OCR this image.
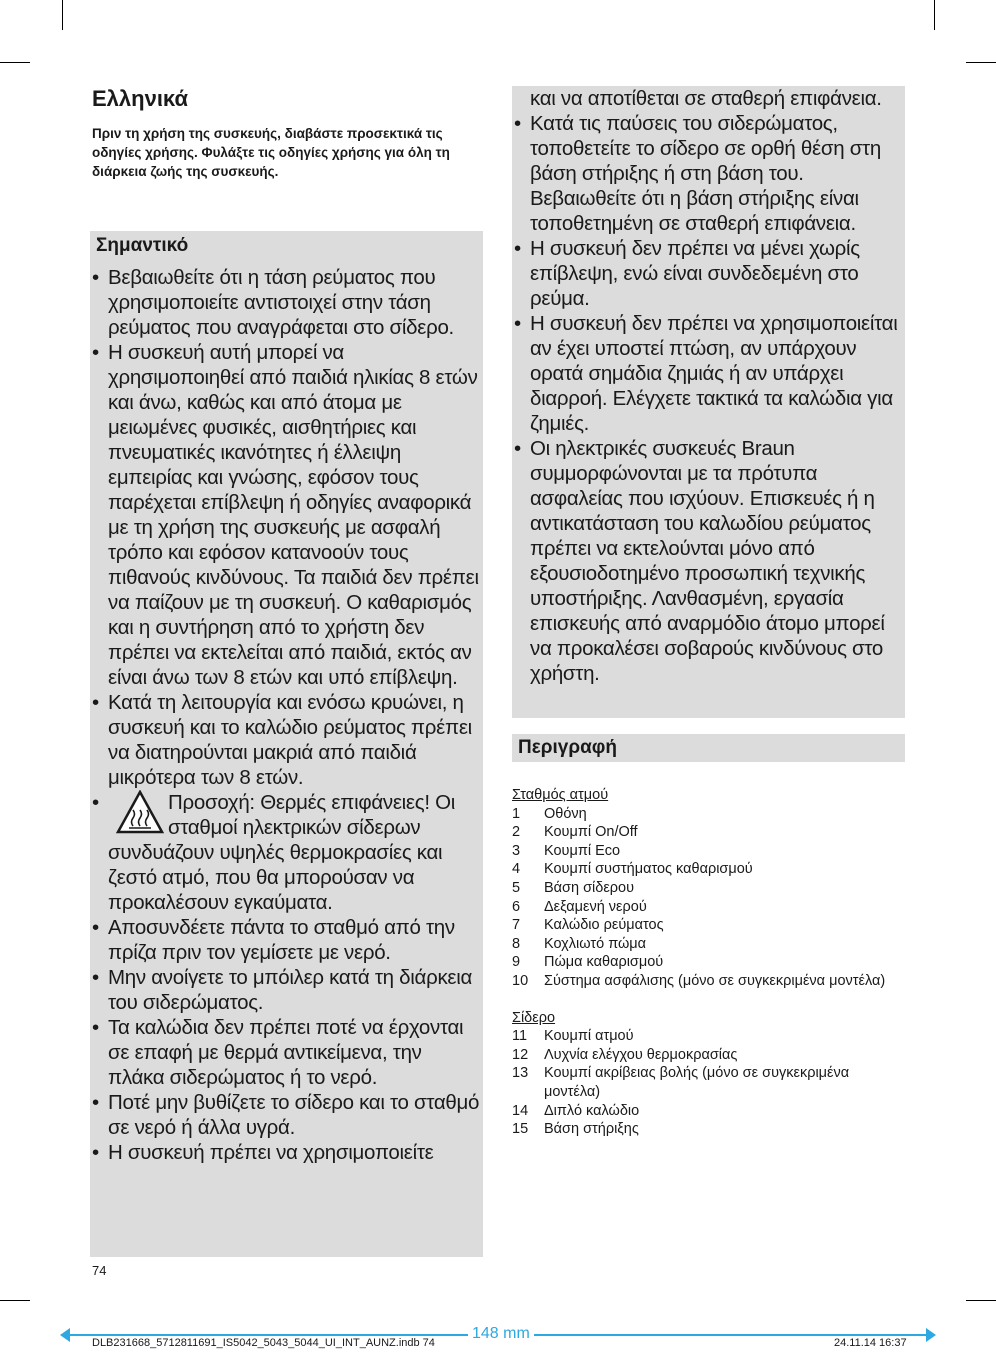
Ελληνικά

Πριν τη χρήση της συσκευής, διαβάστε προσεκτικά τις οδηγίες χρήσης. Φυλάξτε τις οδηγίες χρήσης για όλη τη διάρκεια ζωής της συσκευής.

Σημαντικό
• Βεβαιωθείτε ότι η τάση ρεύματος που χρησιμοποιείτε αντιστοιχεί στην τάση ρεύματος που αναγράφεται στο σίδερο.
• Η συσκευή αυτή μπορεί να χρησιμοποιηθεί από παιδιά ηλικίας 8 ετών και άνω, καθώς και από άτομα με μειωμένες φυσικές, αισθητήριες και πνευματικές ικανότητες ή έλλειψη εμπειρίας και γνώσης, εφόσον τους παρέχεται επίβλεψη ή οδηγίες αναφορικά με τη χρήση της συσκευής με ασφαλή τρόπο και εφόσον κατανοούν τους πιθανούς κινδύνους. Τα παιδιά δεν πρέπει να παίζουν με τη συσκευή. Ο καθαρισμός και η συντήρηση από το χρήστη δεν πρέπει να εκτελείται από παιδιά, εκτός αν είναι άνω των 8 ετών και υπό επίβλεψη.
• Κατά τη λειτουργία και ενόσω κρυώνει, η συσκευή και το καλώδιο ρεύματος πρέπει να διατηρούνται μακριά από παιδιά μικρότερα των 8 ετών.
• Προσοχή: Θερμές επιφάνειες! Οι σταθμοί ηλεκτρικών σίδερων συνδυάζουν υψηλές θερμοκρασίες και ζεστό ατμό, που θα μπορούσαν να προκαλέσουν εγκαύματα.
• Αποσυνδέετε πάντα το σταθμό από την πρίζα πριν τον γεμίσετε με νερό.
• Μην ανοίγετε το μπόιλερ κατά τη διάρκεια του σιδερώματος.
• Τα καλώδια δεν πρέπει ποτέ να έρχονται σε επαφή με θερμά αντικείμενα, την πλάκα σιδερώματος ή το νερό.
• Ποτέ μην βυθίζετε το σίδερο και το σταθμό σε νερό ή άλλα υγρά.
• Η συσκευή πρέπει να χρησιμοποιείτε
και να αποτίθεται σε σταθερή επιφάνεια.
• Κατά τις παύσεις του σιδερώματος, τοποθετείτε το σίδερο σε ορθή θέση στη βάση στήριξης ή στη βάση του. Βεβαιωθείτε ότι η βάση στήριξης είναι τοποθετημένη σε σταθερή επιφάνεια.
• Η συσκευή δεν πρέπει να μένει χωρίς επίβλεψη, ενώ είναι συνδεδεμένη στο ρεύμα.
• Η συσκευή δεν πρέπει να χρησιμοποιείται αν έχει υποστεί πτώση, αν υπάρχουν ορατά σημάδια ζημιάς ή αν υπάρχει διαρροή. Ελέγχετε τακτικά τα καλώδια για ζημιές.
• Οι ηλεκτρικές συσκευές Braun συμμορφώνονται με τα πρότυπα ασφαλείας που ισχύουν. Επισκευές ή η αντικατάσταση του καλωδίου ρεύματος πρέπει να εκτελούνται μόνο από εξουσιοδοτημένο προσωπική τεχνικής υποστήριξης. Λανθασμένη, εργασία επισκευής από αναρμόδιο άτομο μπορεί να προκαλέσει σοβαρούς κινδύνους στο χρήστη.
Περιγραφή
Σταθμός ατμού
1	Οθόνη
2	Κουμπί On/Off
3	Κουμπί Eco
4	Κουμπί συστήματος καθαρισμού
5	Βάση σίδερου
6	Δεξαμενή νερού
7	Καλώδιο ρεύματος
8	Κοχλιωτό πώμα
9	Πώμα καθαρισμού
10	Σύστημα ασφάλισης (μόνο σε συγκεκριμένα μοντέλα)
Σίδερο
11	Κουμπί ατμού
12	Λυχνία ελέγχου θερμοκρασίας
13	Κουμπί ακρίβειας βολής (μόνο σε συγκεκριμένα μοντέλα)
14	Διπλό καλώδιο
15	Βάση στήριξης
74
148 mm
DLB231668_5712811691_IS5042_5043_5044_UI_INT_AUNZ.indb 74	24.11.14 16:37
